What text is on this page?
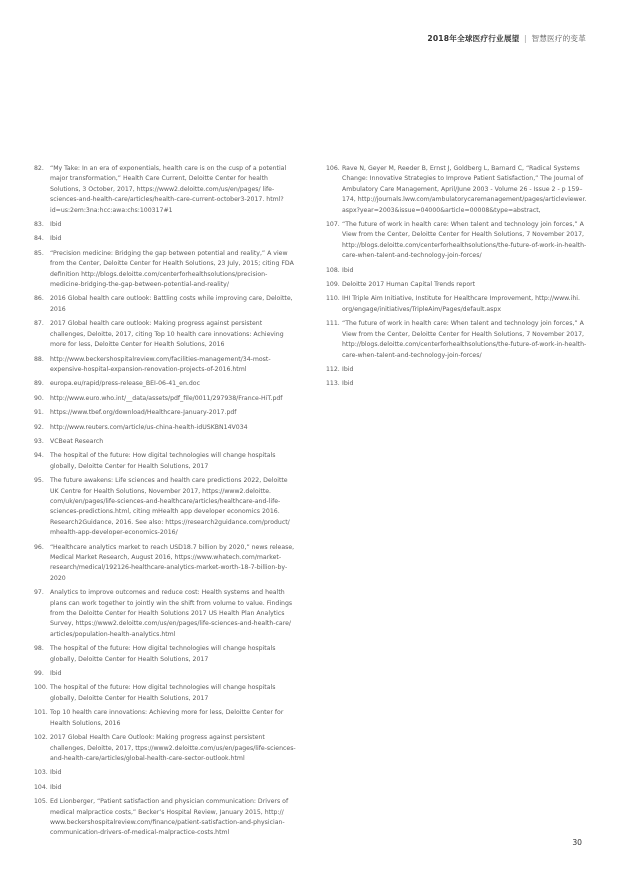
2018年全球医疗行业展望 | 智慧医疗的变革
82. “My Take: In an era of exponentials, health care is on the cusp of a potential major transformation,” Health Care Current, Deloitte Center for health Solutions, 3 October, 2017, https://www2.deloitte.com/us/en/pages/ life-sciences-and-health-care/articles/health-care-current-october3-2017. html?id=us:2em:3na:hcc:awa:chs:100317#1
83. Ibid
84. Ibid
85. “Precision medicine: Bridging the gap between potential and reality,” A view from the Center, Deloitte Center for Health Solutions, 23 July, 2015; citing FDA definition http://blogs.deloitte.com/centerforhealthsolutions/precision-medicine-bridging-the-gap-between-potential-and-reality/
86. 2016 Global health care outlook: Battling costs while improving care, Deloitte, 2016
87. 2017 Global health care outlook: Making progress against persistent challenges, Deloitte, 2017, citing Top 10 health care innovations: Achieving more for less, Deloitte Center for Health Solutions, 2016
88. http://www.beckershospitalreview.com/facilities-management/34-most-expensive-hospital-expansion-renovation-projects-of-2016.html
89. europa.eu/rapid/press-release_BEI-06-41_en.doc
90. http://www.euro.who.int/__data/assets/pdf_file/0011/297938/France-HiT.pdf
91. https://www.tbef.org/download/Healthcare-January-2017.pdf
92. http://www.reuters.com/article/us-china-health-idUSKBN14V034
93. VCBeat Research
94. The hospital of the future: How digital technologies will change hospitals globally, Deloitte Center for Health Solutions, 2017
95. The future awakens: Life sciences and health care predictions 2022, Deloitte UK Centre for Health Solutions, November 2017, https://www2.deloitte. com/uk/en/pages/life-sciences-and-healthcare/articles/healthcare-and-life-sciences-predictions.html, citing mHealth app developer economics 2016. Research2Guidance, 2016. See also: https://research2guidance.com/product/ mhealth-app-developer-economics-2016/
96. “Healthcare analytics market to reach USD18.7 billion by 2020,” news release, Medical Market Research, August 2016, https://www.whatech.com/market-research/medical/192126-healthcare-analytics-market-worth-18-7-billion-by-2020
97. Analytics to improve outcomes and reduce cost: Health systems and health plans can work together to jointly win the shift from volume to value. Findings from the Deloitte Center for Health Solutions 2017 US Health Plan Analytics Survey, https://www2.deloitte.com/us/en/pages/life-sciences-and-health-care/ articles/population-health-analytics.html
98. The hospital of the future: How digital technologies will change hospitals globally, Deloitte Center for Health Solutions, 2017
99. Ibid
100. The hospital of the future: How digital technologies will change hospitals globally, Deloitte Center for Health Solutions, 2017
101. Top 10 health care innovations: Achieving more for less, Deloitte Center for Health Solutions, 2016
102. 2017 Global Health Care Outlook: Making progress against persistent challenges, Deloitte, 2017, ttps://www2.deloitte.com/us/en/pages/life-sciences-and-health-care/articles/global-health-care-sector-outlook.html
103. Ibid
104. Ibid
105. Ed Lionberger, “Patient satisfaction and physician communication: Drivers of medical malpractice costs,” Becker’s Hospital Review, January 2015, http:// www.beckershospitalreview.com/finance/patient-satisfaction-and-physician-communication-drivers-of-medical-malpractice-costs.html
106. Rave N, Geyer M, Reeder B, Ernst J, Goldberg L, Barnard C, “Radical Systems Change: Innovative Strategies to Improve Patient Satisfaction,” The Journal of Ambulatory Care Management, April/June 2003 - Volume 26 - Issue 2 - p 159–174, http://journals.lww.com/ambulatorycaremanagement/pages/articleviewer. aspx?year=2003&issue=04000&article=00008&type=abstract,
107. “The future of work in health care: When talent and technology join forces,” A View from the Center, Deloitte Center for Health Solutions, 7 November 2017, http://blogs.deloitte.com/centerforhealthsolutions/the-future-of-work-in-health-care-when-talent-and-technology-join-forces/
108. Ibid
109. Deloitte 2017 Human Capital Trends report
110. IHI Triple Aim Initiative, Institute for Healthcare Improvement, http://www.ihi. org/engage/initiatives/TripleAim/Pages/default.aspx
111. “The future of work in health care: When talent and technology join forces,” A View from the Center, Deloitte Center for Health Solutions, 7 November 2017, http://blogs.deloitte.com/centerforhealthsolutions/the-future-of-work-in-health-care-when-talent-and-technology-join-forces/
112. Ibid
113. Ibid
30
